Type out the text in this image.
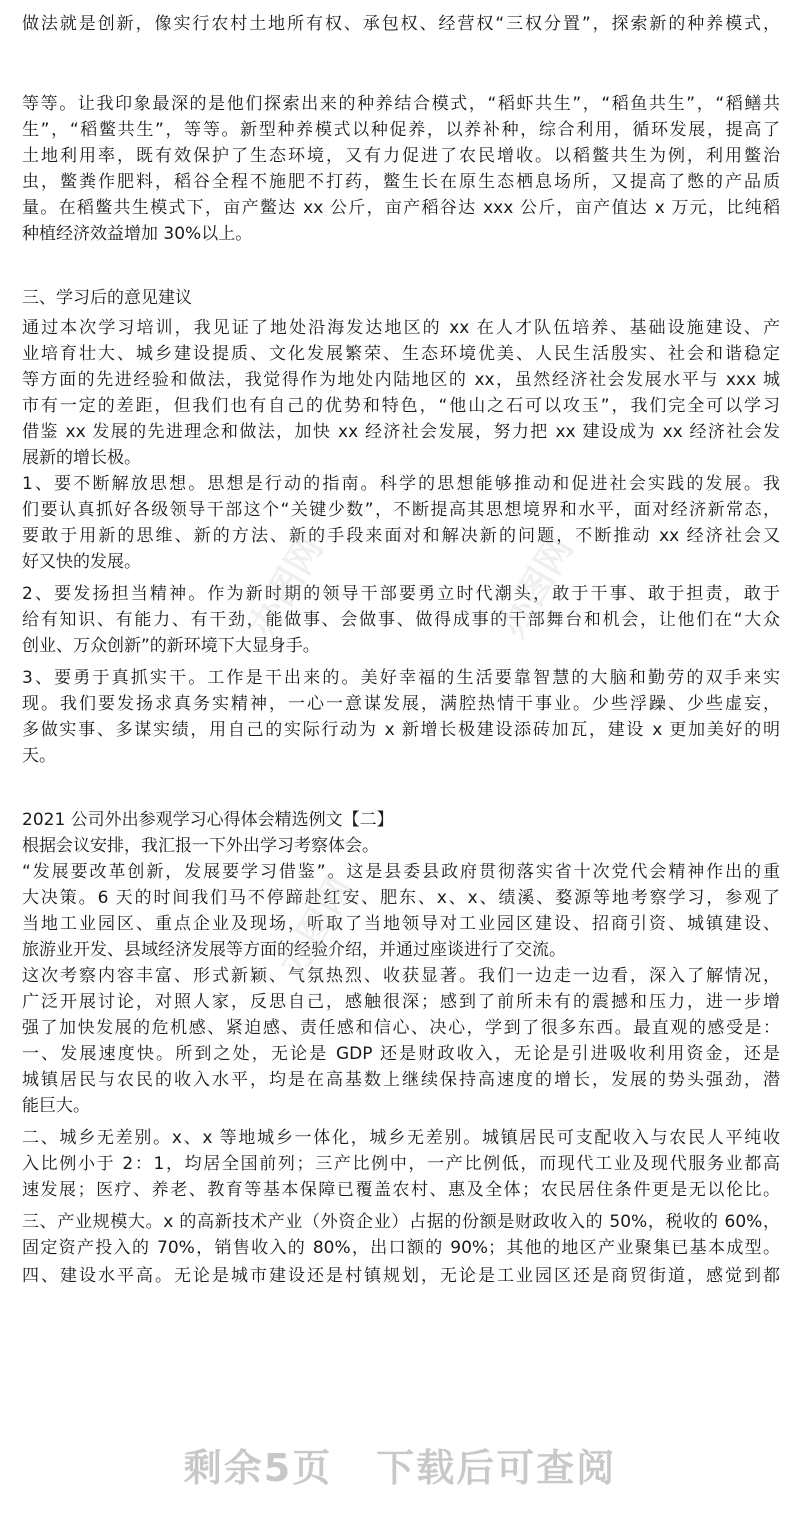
做法就是创新，像实行农村土地所有权、承包权、经营权“三权分置”，探索新的种养模式，
等等。让我印象最深的是他们探索出来的种养结合模式，“稻虾共生”，“稻鱼共生”，“稻鳝共
生”，“稻鳖共生”，等等。新型种养模式以种促养，以养补种，综合利用，循环发展，提高了
土地利用率，既有效保护了生态环境，又有力促进了农民增收。以稻鳖共生为例，利用鳖治
虫，鳖粪作肥料，稻谷全程不施肥不打药，鳖生长在原生态栖息场所，又提高了憋的产品质
量。在稻鳖共生模式下，亩产鳖达 xx 公斤，亩产稻谷达 xxx 公斤，亩产值达 x 万元，比纯稻
种植经济效益增加 30%以上。
三、学习后的意见建议
通过本次学习培训，我见证了地处沿海发达地区的 xx 在人才队伍培养、基础设施建设、产
业培育壮大、城乡建设提质、文化发展繁荣、生态环境优美、人民生活殷实、社会和谐稳定
等方面的先进经验和做法，我觉得作为地处内陆地区的 xx，虽然经济社会发展水平与 xxx 城
市有一定的差距，但我们也有自己的优势和特色，“他山之石可以攻玉”，我们完全可以学习
借鉴 xx 发展的先进理念和做法，加快 xx 经济社会发展，努力把 xx 建设成为 xx 经济社会发
展新的增长极。
1、要不断解放思想。思想是行动的指南。科学的思想能够推动和促进社会实践的发展。我
们要认真抓好各级领导干部这个“关键少数”，不断提高其思想境界和水平，面对经济新常态，
要敢于用新的思维、新的方法、新的手段来面对和解决新的问题，不断推动 xx 经济社会又
好又快的发展。
2、要发扬担当精神。作为新时期的领导干部要勇立时代潮头，敢于干事、敢于担责，敢于
给有知识、有能力、有干劲，能做事、会做事、做得成事的干部舞台和机会，让他们在“大众
创业、万众创新”的新环境下大显身手。
3、要勇于真抓实干。工作是干出来的。美好幸福的生活要靠智慧的大脑和勤劳的双手来实
现。我们要发扬求真务实精神，一心一意谋发展，满腔热情干事业。少些浮躁、少些虚妄，
多做实事、多谋实绩，用自己的实际行动为 x 新增长极建设添砖加瓦，建设 x 更加美好的明
天。
2021 公司外出参观学习心得体会精选例文【二】
根据会议安排，我汇报一下外出学习考察体会。
“发展要改革创新，发展要学习借鉴”。这是县委县政府贯彻落实省十次党代会精神作出的重
大决策。6 天的时间我们马不停蹄赴红安、肥东、x、x、绩溪、婺源等地考察学习，参观了
当地工业园区、重点企业及现场，听取了当地领导对工业园区建设、招商引资、城镇建设、
旅游业开发、县域经济发展等方面的经验介绍，并通过座谈进行了交流。
这次考察内容丰富、形式新颖、气氛热烈、收获显著。我们一边走一边看，深入了解情况，
广泛开展讨论，对照人家，反思自己，感触很深；感到了前所未有的震撼和压力，进一步增
强了加快发展的危机感、紧迫感、责任感和信心、决心，学到了很多东西。最直观的感受是：
一、发展速度快。所到之处，无论是 GDP 还是财政收入，无论是引进吸收利用资金，还是
城镇居民与农民的收入水平，均是在高基数上继续保持高速度的增长，发展的势头强劲，潜
能巨大。
二、城乡无差别。x、x 等地城乡一体化，城乡无差别。城镇居民可支配收入与农民人平纯收
入比例小于 2：1，均居全国前列；三产比例中，一产比例低，而现代工业及现代服务业都高
速发展；医疗、养老、教育等基本保障已覆盖农村、惠及全体；农民居住条件更是无以伦比。
三、产业规模大。x 的高新技术产业（外资企业）占据的份额是财政收入的 50%，税收的 60%，
固定资产投入的 70%，销售收入的 80%，出口额的 90%；其他的地区产业聚集已基本成型。
四、建设水平高。无论是城市建设还是村镇规划，无论是工业园区还是商贸街道，感觉到都
办图网	办图网
办图网
剩余5页 下载后可查阅
